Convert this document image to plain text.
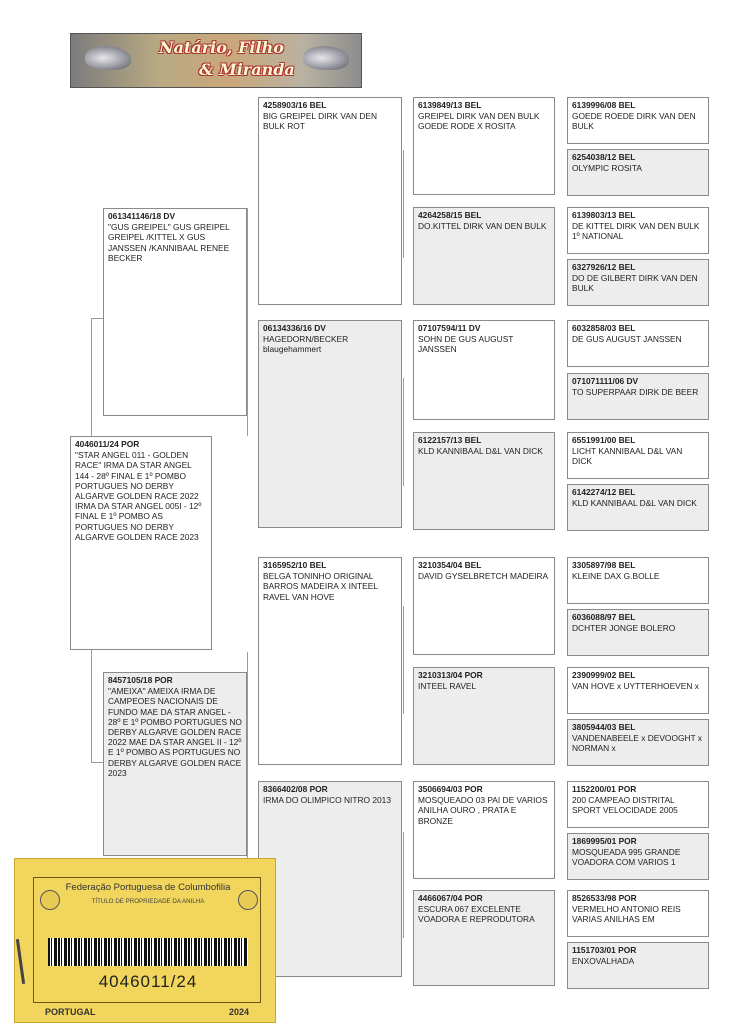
Natário, Filho
& Miranda
4046011/24 POR
"STAR ANGEL 011 - GOLDEN RACE" IRMA DA STAR ANGEL 144 - 28º FINAL E 1º POMBO PORTUGUES NO DERBY ALGARVE GOLDEN RACE 2022 IRMA DA STAR ANGEL 005I - 12º FINAL E 1º POMBO AS PORTUGUES NO DERBY ALGARVE GOLDEN RACE 2023
061341146/18 DV
"GUS GREIPEL" GUS GREIPEL GREIPEL /KITTEL X GUS JANSSEN /KANNIBAAL RENEE BECKER
8457105/18 POR
"AMEIXA" AMEIXA IRMA DE CAMPEOES NACIONAIS DE FUNDO MAE DA STAR ANGEL - 28º E 1º POMBO PORTUGUES NO DERBY ALGARVE GOLDEN RACE 2022 MAE DA STAR ANGEL II - 12º E 1º POMBO AS PORTUGUES NO DERBY ALGARVE GOLDEN RACE 2023
4258903/16 BEL
BIG GREIPEL DIRK VAN DEN BULK ROT
06134336/16 DV
HAGEDORN/BECKER blaugehammert
3165952/10 BEL
BELGA TONINHO ORIGINAL BARROS MADEIRA X INTEEL RAVEL VAN HOVE
8366402/08 POR
IRMA DO OLIMPICO NITRO 2013
6139849/13 BEL
GREIPEL DIRK VAN DEN BULK GOEDE RODE X ROSITA
4264258/15 BEL
DO.KITTEL DIRK VAN DEN BULK
07107594/11 DV
SOHN DE GUS AUGUST JANSSEN
6122157/13 BEL
KLD KANNIBAAL D&L VAN DICK
3210354/04 BEL
DAVID GYSELBRETCH MADEIRA
3210313/04 POR
INTEEL RAVEL
3506694/03 POR
MOSQUEADO 03 PAI DE VARIOS ANILHA OURO , PRATA E BRONZE
4466067/04 POR
ESCURA 067 EXCELENTE VOADORA E REPRODUTORA
6139996/08 BEL
GOEDE ROEDE DIRK VAN DEN BULK
6254038/12 BEL
OLYMPIC ROSITA
6139803/13 BEL
DE KITTEL DIRK VAN DEN BULK 1º NATIONAL
6327926/12 BEL
DO DE GILBERT DIRK VAN DEN BULK
6032858/03 BEL
DE GUS AUGUST JANSSEN
071071111/06 DV
TO SUPERPAAR DIRK DE BEER
6551991/00 BEL
LICHT KANNIBAAL D&L VAN DICK
6142274/12 BEL
KLD KANNIBAAL D&L VAN DICK
3305897/98 BEL
KLEINE DAX G.BOLLE
6036088/97 BEL
DCHTER JONGE BOLERO
2390999/02 BEL
VAN HOVE x UYTTERHOEVEN x
3805944/03 BEL
VANDENABEELE x DEVOOGHT x NORMAN x
1152200/01 POR
200 CAMPEAO DISTRITAL SPORT VELOCIDADE 2005
1869995/01 POR
MOSQUEADA 995 GRANDE VOADORA COM VARIOS 1
8526533/98 POR
VERMELHO ANTONIO REIS VARIAS ANILHAS EM
1151703/01 POR
ENXOVALHADA
Federação Portuguesa de Columbofilia
TÍTULO DE PROPRIEDADE DA ANILHA
4046011/24
PORTUGAL	2024
